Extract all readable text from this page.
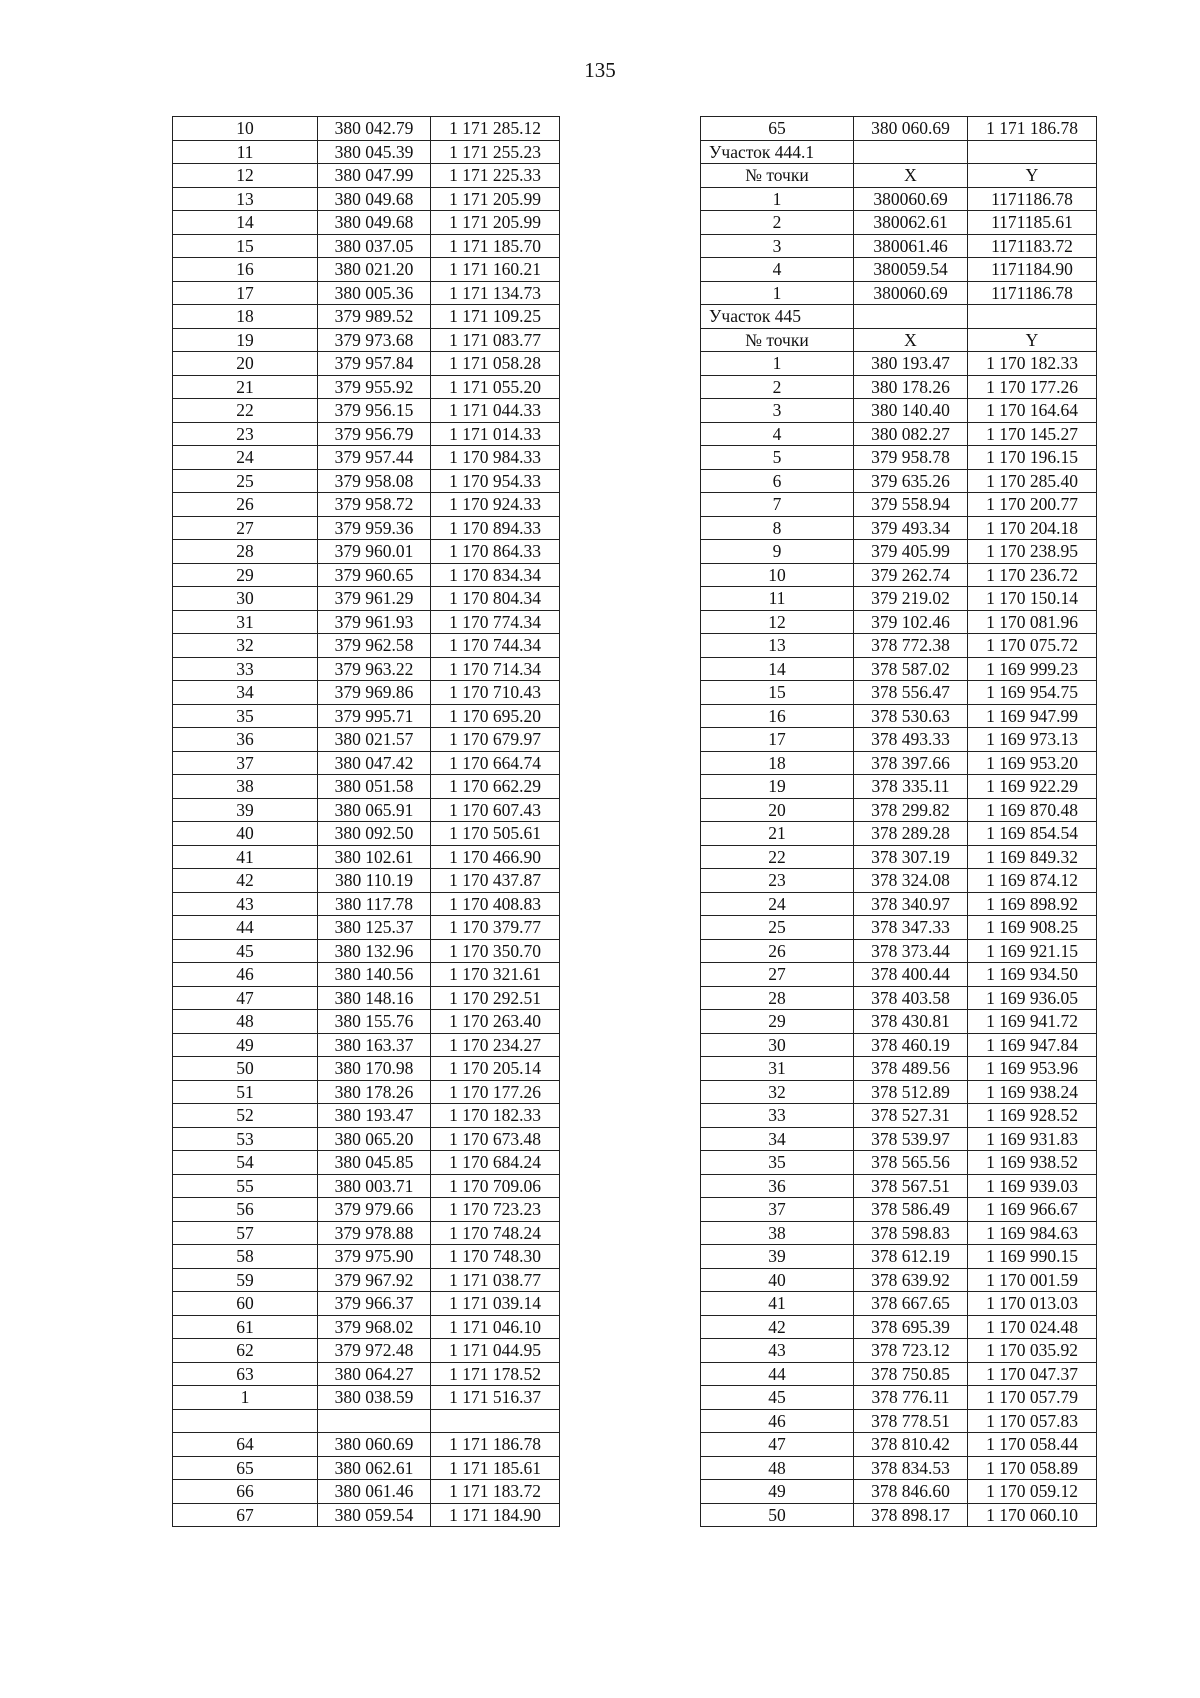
135
10	380 042.79	1 171 285.12
11	380 045.39	1 171 255.23
12	380 047.99	1 171 225.33
13	380 049.68	1 171 205.99
14	380 049.68	1 171 205.99
15	380 037.05	1 171 185.70
16	380 021.20	1 171 160.21
17	380 005.36	1 171 134.73
18	379 989.52	1 171 109.25
19	379 973.68	1 171 083.77
20	379 957.84	1 171 058.28
21	379 955.92	1 171 055.20
22	379 956.15	1 171 044.33
23	379 956.79	1 171 014.33
24	379 957.44	1 170 984.33
25	379 958.08	1 170 954.33
26	379 958.72	1 170 924.33
27	379 959.36	1 170 894.33
28	379 960.01	1 170 864.33
29	379 960.65	1 170 834.34
30	379 961.29	1 170 804.34
31	379 961.93	1 170 774.34
32	379 962.58	1 170 744.34
33	379 963.22	1 170 714.34
34	379 969.86	1 170 710.43
35	379 995.71	1 170 695.20
36	380 021.57	1 170 679.97
37	380 047.42	1 170 664.74
38	380 051.58	1 170 662.29
39	380 065.91	1 170 607.43
40	380 092.50	1 170 505.61
41	380 102.61	1 170 466.90
42	380 110.19	1 170 437.87
43	380 117.78	1 170 408.83
44	380 125.37	1 170 379.77
45	380 132.96	1 170 350.70
46	380 140.56	1 170 321.61
47	380 148.16	1 170 292.51
48	380 155.76	1 170 263.40
49	380 163.37	1 170 234.27
50	380 170.98	1 170 205.14
51	380 178.26	1 170 177.26
52	380 193.47	1 170 182.33
53	380 065.20	1 170 673.48
54	380 045.85	1 170 684.24
55	380 003.71	1 170 709.06
56	379 979.66	1 170 723.23
57	379 978.88	1 170 748.24
58	379 975.90	1 170 748.30
59	379 967.92	1 171 038.77
60	379 966.37	1 171 039.14
61	379 968.02	1 171 046.10
62	379 972.48	1 171 044.95
63	380 064.27	1 171 178.52
1	380 038.59	1 171 516.37

64	380 060.69	1 171 186.78
65	380 062.61	1 171 185.61
66	380 061.46	1 171 183.72
67	380 059.54	1 171 184.90
65	380 060.69	1 171 186.78
Участок 444.1		
№ точки	X	Y
1	380060.69	1171186.78
2	380062.61	1171185.61
3	380061.46	1171183.72
4	380059.54	1171184.90
1	380060.69	1171186.78
Участок 445		
№ точки	X	Y
1	380 193.47	1 170 182.33
2	380 178.26	1 170 177.26
3	380 140.40	1 170 164.64
4	380 082.27	1 170 145.27
5	379 958.78	1 170 196.15
6	379 635.26	1 170 285.40
7	379 558.94	1 170 200.77
8	379 493.34	1 170 204.18
9	379 405.99	1 170 238.95
10	379 262.74	1 170 236.72
11	379 219.02	1 170 150.14
12	379 102.46	1 170 081.96
13	378 772.38	1 170 075.72
14	378 587.02	1 169 999.23
15	378 556.47	1 169 954.75
16	378 530.63	1 169 947.99
17	378 493.33	1 169 973.13
18	378 397.66	1 169 953.20
19	378 335.11	1 169 922.29
20	378 299.82	1 169 870.48
21	378 289.28	1 169 854.54
22	378 307.19	1 169 849.32
23	378 324.08	1 169 874.12
24	378 340.97	1 169 898.92
25	378 347.33	1 169 908.25
26	378 373.44	1 169 921.15
27	378 400.44	1 169 934.50
28	378 403.58	1 169 936.05
29	378 430.81	1 169 941.72
30	378 460.19	1 169 947.84
31	378 489.56	1 169 953.96
32	378 512.89	1 169 938.24
33	378 527.31	1 169 928.52
34	378 539.97	1 169 931.83
35	378 565.56	1 169 938.52
36	378 567.51	1 169 939.03
37	378 586.49	1 169 966.67
38	378 598.83	1 169 984.63
39	378 612.19	1 169 990.15
40	378 639.92	1 170 001.59
41	378 667.65	1 170 013.03
42	378 695.39	1 170 024.48
43	378 723.12	1 170 035.92
44	378 750.85	1 170 047.37
45	378 776.11	1 170 057.79
46	378 778.51	1 170 057.83
47	378 810.42	1 170 058.44
48	378 834.53	1 170 058.89
49	378 846.60	1 170 059.12
50	378 898.17	1 170 060.10
